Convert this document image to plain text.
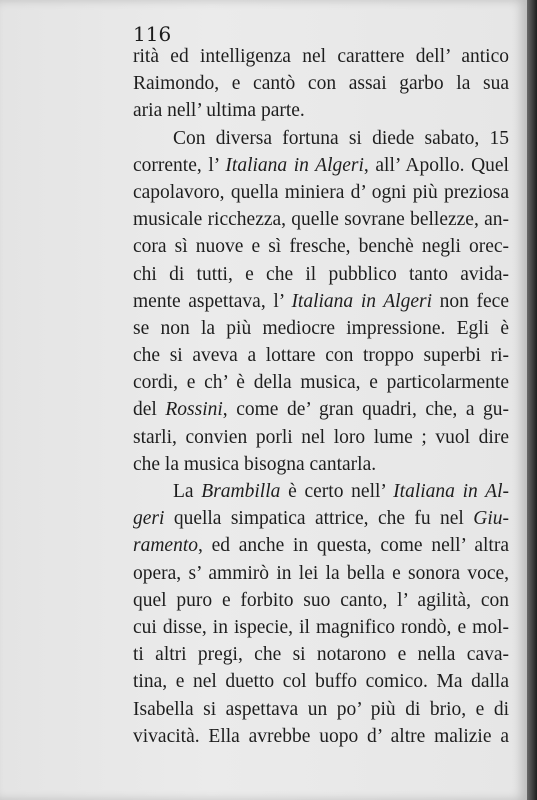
116

rità ed intelligenza nel carattere dell’ antico
Raimondo, e cantò con assai garbo la sua
aria nell’ ultima parte.
Con diversa fortuna si diede sabato, 15
corrente, l’ Italiana in Algeri, all’ Apollo. Quel
capolavoro, quella miniera d’ ogni più preziosa
musicale ricchezza, quelle sovrane bellezze, an-
cora sì nuove e sì fresche, benchè negli orec-
chi di tutti, e che il pubblico tanto avida-
mente aspettava, l’ Italiana in Algeri non fece
se non la più mediocre impressione. Egli è
che si aveva a lottare con troppo superbi ri-
cordi, e ch’ è della musica, e particolarmente
del Rossini, come de’ gran quadri, che, a gu-
starli, convien porli nel loro lume ; vuol dire
che la musica bisogna cantarla.
La Brambilla è certo nell’ Italiana in Al-
geri quella simpatica attrice, che fu nel Giu-
ramento, ed anche in questa, come nell’ altra
opera, s’ ammirò in lei la bella e sonora voce,
quel puro e forbito suo canto, l’ agilità, con
cui disse, in ispecie, il magnifico rondò, e mol-
ti altri pregi, che si notarono e nella cava-
tina, e nel duetto col buffo comico. Ma dalla
Isabella si aspettava un po’ più di brio, e di
vivacità. Ella avrebbe uopo d’ altre malizie a
